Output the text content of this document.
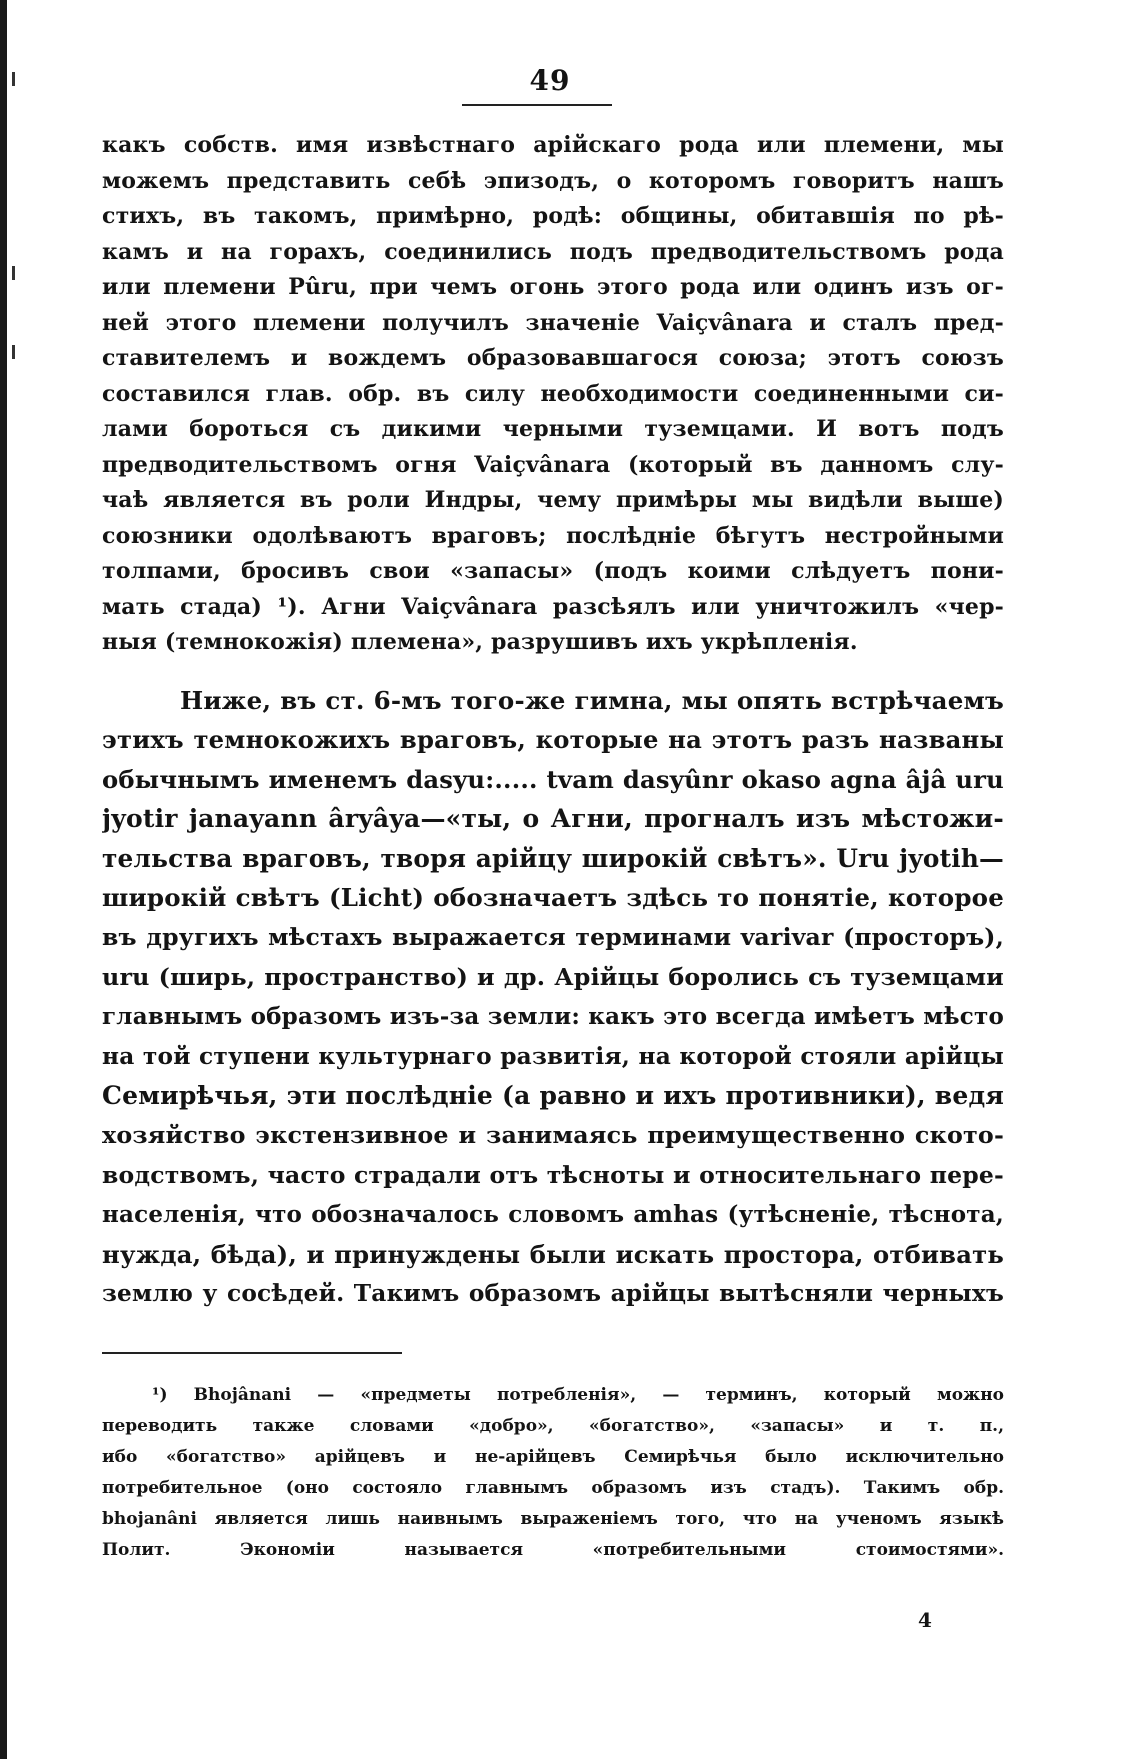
49
какъ собств. имя извѣстнаго арійскаго рода или племени, мы
можемъ представить себѣ эпизодъ, о которомъ говоритъ нашъ
стихъ, въ такомъ, примѣрно, родѣ: общины, обитавшія по рѣ-
камъ и на горахъ, соединились подъ предводительствомъ рода
или племени Pûru, при чемъ огонь этого рода или одинъ изъ ог-
ней этого племени получилъ значеніе Vaiçvânara и сталъ пред-
ставителемъ и вождемъ образовавшагося союза; этотъ союзъ
составился глав. обр. въ силу необходимости соединенными си-
лами бороться съ дикими черными туземцами. И вотъ подъ
предводительствомъ огня Vaiçvânara (который въ данномъ слу-
чаѣ является въ роли Индры, чему примѣры мы видѣли выше)
союзники одолѣваютъ враговъ; послѣдніе бѣгутъ нестройными
толпами, бросивъ свои «запасы» (подъ коими слѣдуетъ пони-
мать стада) ¹). Агни Vaiçvânara разсѣялъ или уничтожилъ «чер-
ныя (темнокожія) племена», разрушивъ ихъ укрѣпленія.
Ниже, въ ст. 6-мъ того-же гимна, мы опять встрѣчаемъ
этихъ темнокожихъ враговъ, которые на этотъ разъ названы
обычнымъ именемъ dasyu:..... tvam dasyûnr okaso agna âjâ uru
jyotir janayann âryâya—«ты, о Агни, прогналъ изъ мѣстожи-
тельства враговъ, творя арійцу широкій свѣтъ». Uru jyotih—
широкій свѣтъ (Licht) обозначаетъ здѣсь то понятіе, которое
въ другихъ мѣстахъ выражается терминами varivar (просторъ),
uru (ширь, пространство) и др. Арійцы боролись съ туземцами
главнымъ образомъ изъ-за земли: какъ это всегда имѣетъ мѣсто
на той ступени культурнаго развитія, на которой стояли арійцы
Семирѣчья, эти послѣдніе (а равно и ихъ противники), ведя
хозяйство экстензивное и занимаясь преимущественно ското-
водствомъ, часто страдали отъ тѣсноты и относительнаго пере-
населенія, что обозначалось словомъ amhas (утѣсненіе, тѣснота,
нужда, бѣда), и принуждены были искать простора, отбивать
землю у сосѣдей. Такимъ образомъ арійцы вытѣсняли черныхъ
¹) Bhojânani — «предметы потребленія», — терминъ, который можно
переводить также словами «добро», «богатство», «запасы» и т. п.,
ибо «богатство» арійцевъ и не-арійцевъ Семирѣчья было исключительно
потребительное (оно состояло главнымъ образомъ изъ стадъ). Такимъ обр.
bhojanâni является лишь наивнымъ выраженіемъ того, что на ученомъ языкѣ
Полит. Экономіи называется «потребительными стоимостями».
4
